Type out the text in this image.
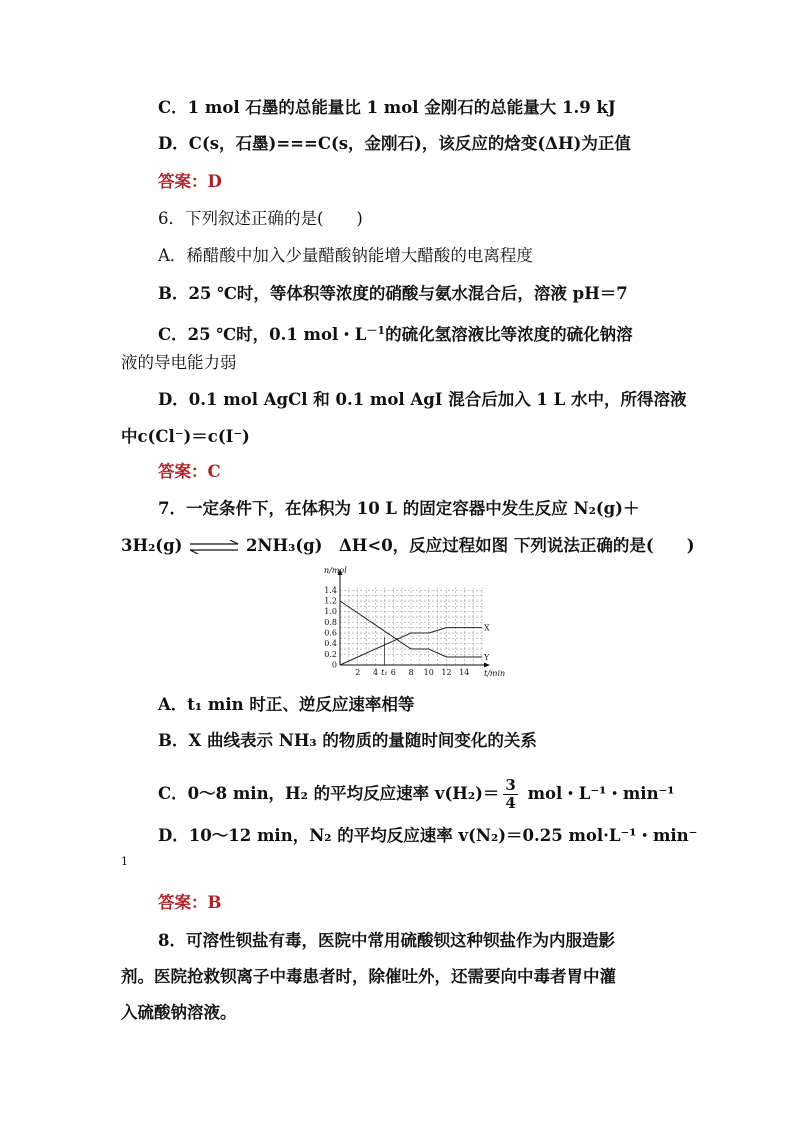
C．1 mol 石墨的总能量比 1 mol 金刚石的总能量大 1.9 kJ
D．C(s，石墨)===C(s，金刚石)，该反应的焓变(ΔH)为正值
答案：D
6．下列叙述正确的是(　　)
A．稀醋酸中加入少量醋酸钠能增大醋酸的电离程度
B．25 ℃时，等体积等浓度的硝酸与氨水混合后，溶液 pH＝7
C．25 ℃时，0.1 mol・$L^{-1}$的硫化氢溶液比等浓度的硫化钠溶
液的导电能力弱
D．0.1 mol AgCl 和 0.1 mol AgI 混合后加入 1 L 水中，所得溶液
中c(Cl⁻)＝c(I⁻)
答案：C
7．一定条件下，在体积为 10 L 的固定容器中发生反应 N₂(g)＋
3H₂(g) ⇌ 2NH₃(g)　ΔH<0，反应过程如图 下列说法正确的是(　　)
X
Y
1.4
1.2
1.0
0.8
0.6
0.4
0.2
0
2 4 t₁ 6 8 10 12 14
n/mol
t/min
A．t₁ min 时正、逆反应速率相等
B．X 曲线表示 NH₃ 的物质的量随时间变化的关系
C．0～8 min，H₂ 的平均反应速率 $v(H_2)= \frac{3}{4}$ mol・L⁻¹・min⁻¹
D．10～12 min，N₂ 的平均反应速率 v(N₂)＝0.25 mol·L⁻¹・min⁻
1
答案：B
8．可溶性钡盐有毒，医院中常用硫酸钡这种钡盐作为内服造影
剂。医院抢救钡离子中毒患者时，除催吐外，还需要向中毒者胃中灌
入硫酸钠溶液。
